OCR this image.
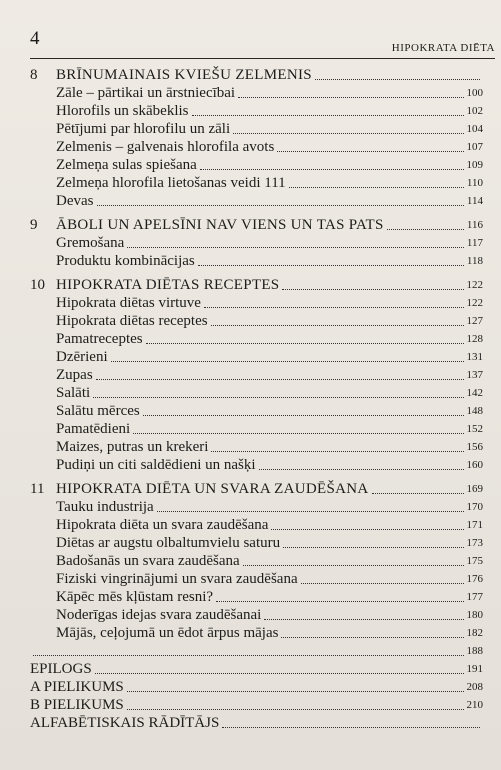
4	HIPOKRATA DIĒTA
8	BRĪNUMAINAIS KVIEŠU ZELMENIS
Zāle – pārtikai un ārstniecībai	100
Hlorofils un skābeklis	102
Pētījumi par hlorofilu un zāli	104
Zelmenis – galvenais hlorofila avots	107
Zelmeņa sulas spiešana	109
Zelmeņa hlorofila lietošanas veidi 111	110
Devas	114
9	ĀBOLI UN APELSĪNI NAV VIENS UN TAS PATS	116
Gremošana	117
Produktu kombinācijas	118
10 HIPOKRATA DIĒTAS RECEPTES	122
Hipokrata diētas virtuve	122
Hipokrata diētas receptes	127
Pamatreceptes	128
Dzērieni	131
Zupas	137
Salāti	142
Salātu mērces	148
Pamatēdieni	152
Maizes, putras un krekeri	156
Pudiņi un citi saldēdieni un našķi	160
11 HIPOKRATA DIĒTA UN SVARA ZAUDĒŠANA	169
Tauku industrija	170
Hipokrata diēta un svara zaudēšana	171
Diētas ar augstu olbaltumvielu saturu	173
Badošanās un svara zaudēšana	175
Fiziski vingrinājumi un svara zaudēšana	176
Kāpēc mēs kļūstam resni?	177
Noderīgas idejas svara zaudēšanai	180
Mājās, ceļojumā un ēdot ārpus mājas	182
188
EPILOGS	191
A PIELIKUMS	208
B PIELIKUMS	210
ALFABĒTISKAIS RĀDĪTĀJS
